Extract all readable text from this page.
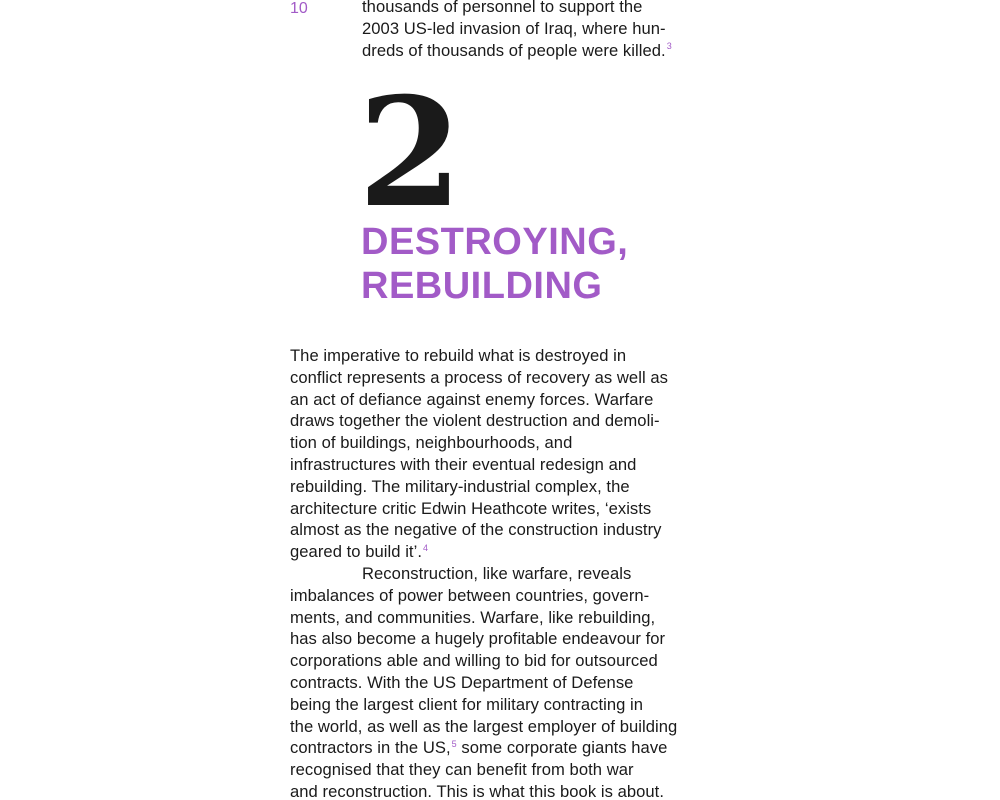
10	thousands of personnel to support the
2003 US-led invasion of Iraq, where hun-
dreds of thousands of people were killed.$^3$
2
DESTROYING,
REBUILDING
The imperative to rebuild what is destroyed in
conflict represents a process of recovery as well as
an act of defiance against enemy forces. Warfare
draws together the violent destruction and demoli-
tion of buildings, neighbourhoods, and
infrastructures with their eventual redesign and
rebuilding. The military-industrial complex, the
architecture critic Edwin Heathcote writes, ‘exists
almost as the negative of the construction industry
geared to build it’.$^4$
Reconstruction, like warfare, reveals
imbalances of power between countries, govern-
ments, and communities. Warfare, like rebuilding,
has also become a hugely profitable endeavour for
corporations able and willing to bid for outsourced
contracts. With the US Department of Defense
being the largest client for military contracting in
the world, as well as the largest employer of building
contractors in the US,$^5$ some corporate giants have
recognised that they can benefit from both war
and reconstruction. This is what this book is about.
